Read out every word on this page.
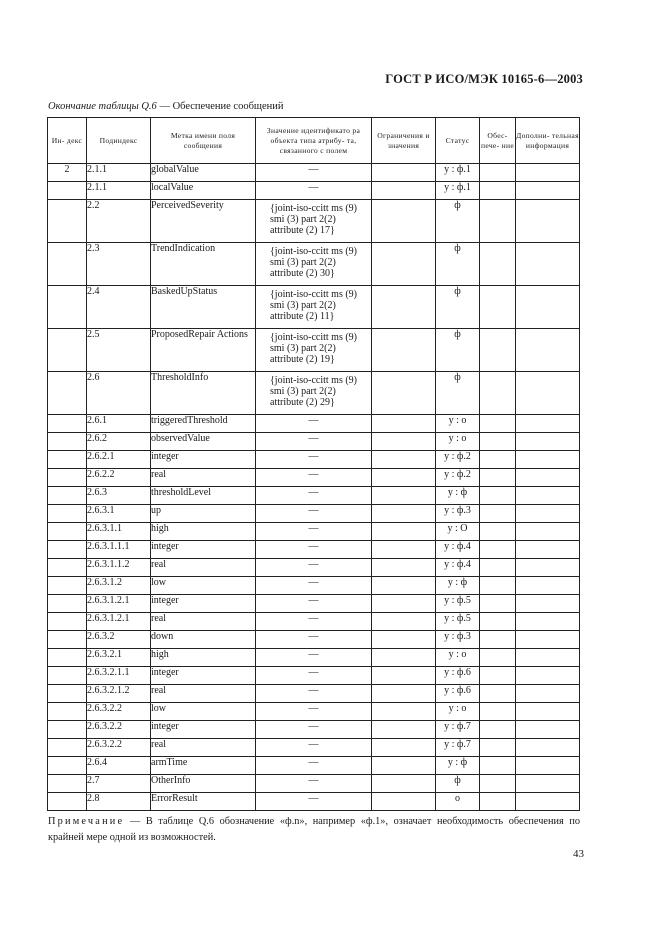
ГОСТ Р ИСО/МЭК 10165-6—2003
Окончание таблицы Q.6 — Обеспечение сообщений
Ин- декс	Подиндекс	Метка имени поля сообщения	Значение идентификато ра объекта типа атрибу- та, связанного с полем	Ограничения и значения	Статус	Обес- пече- ние	Дополни- тельная информация
2	2.1.1	globalValue	—		у : ф.1		
	2.1.1	localValue	—		у : ф.1		
	2.2	PerceivedSeverity	{joint-iso-ccitt ms (9) smi (3) part 2(2) attribute (2) 17}		ф		
	2.3	TrendIndication	{joint-iso-ccitt ms (9) smi (3) part 2(2) attribute (2) 30}		ф		
	2.4	BaskedUpStatus	{joint-iso-ccitt ms (9) smi (3) part 2(2) attribute (2) 11}		ф		
	2.5	ProposedRepair Actions	{joint-iso-ccitt ms (9) smi (3) part 2(2) attribute (2) 19}		ф		
	2.6	ThresholdInfo	{joint-iso-ccitt ms (9) smi (3) part 2(2) attribute (2) 29}		ф		
	2.6.1	triggeredThreshold	—		у : о		
	2.6.2	observedValue	—		у : о		
	2.6.2.1	integer	—		у : ф.2		
	2.6.2.2	real	—		у : ф.2		
	2.6.3	thresholdLevel	—		у : ф		
	2.6.3.1	up	—		у : ф.3		
	2.6.3.1.1	high	—		у : О		
	2.6.3.1.1.1	integer	—		у : ф.4		
	2.6.3.1.1.2	real	—		у : ф.4		
	2.6.3.1.2	low	—		у : ф		
	2.6.3.1.2.1	integer	—		у : ф.5		
	2.6.3.1.2.1	real	—		у : ф.5		
	2.6.3.2	down	—		у : ф.3		
	2.6.3.2.1	high	—		у : о		
	2.6.3.2.1.1	integer	—		у : ф.6		
	2.6.3.2.1.2	real	—		у : ф.6		
	2.6.3.2.2	low	—		у : о		
	2.6.3.2.2	integer	—		у : ф.7		
	2.6.3.2.2	real	—		у : ф.7		
	2.6.4	armTime	—		у : ф		
	2.7	OtherInfo	—		ф		
	2.8	ErrorResult	—		о		
Примечание — В таблице Q.6 обозначение «ф.n», например «ф.1», означает необходимость обеспечения по крайней мере одной из возможностей.
43
